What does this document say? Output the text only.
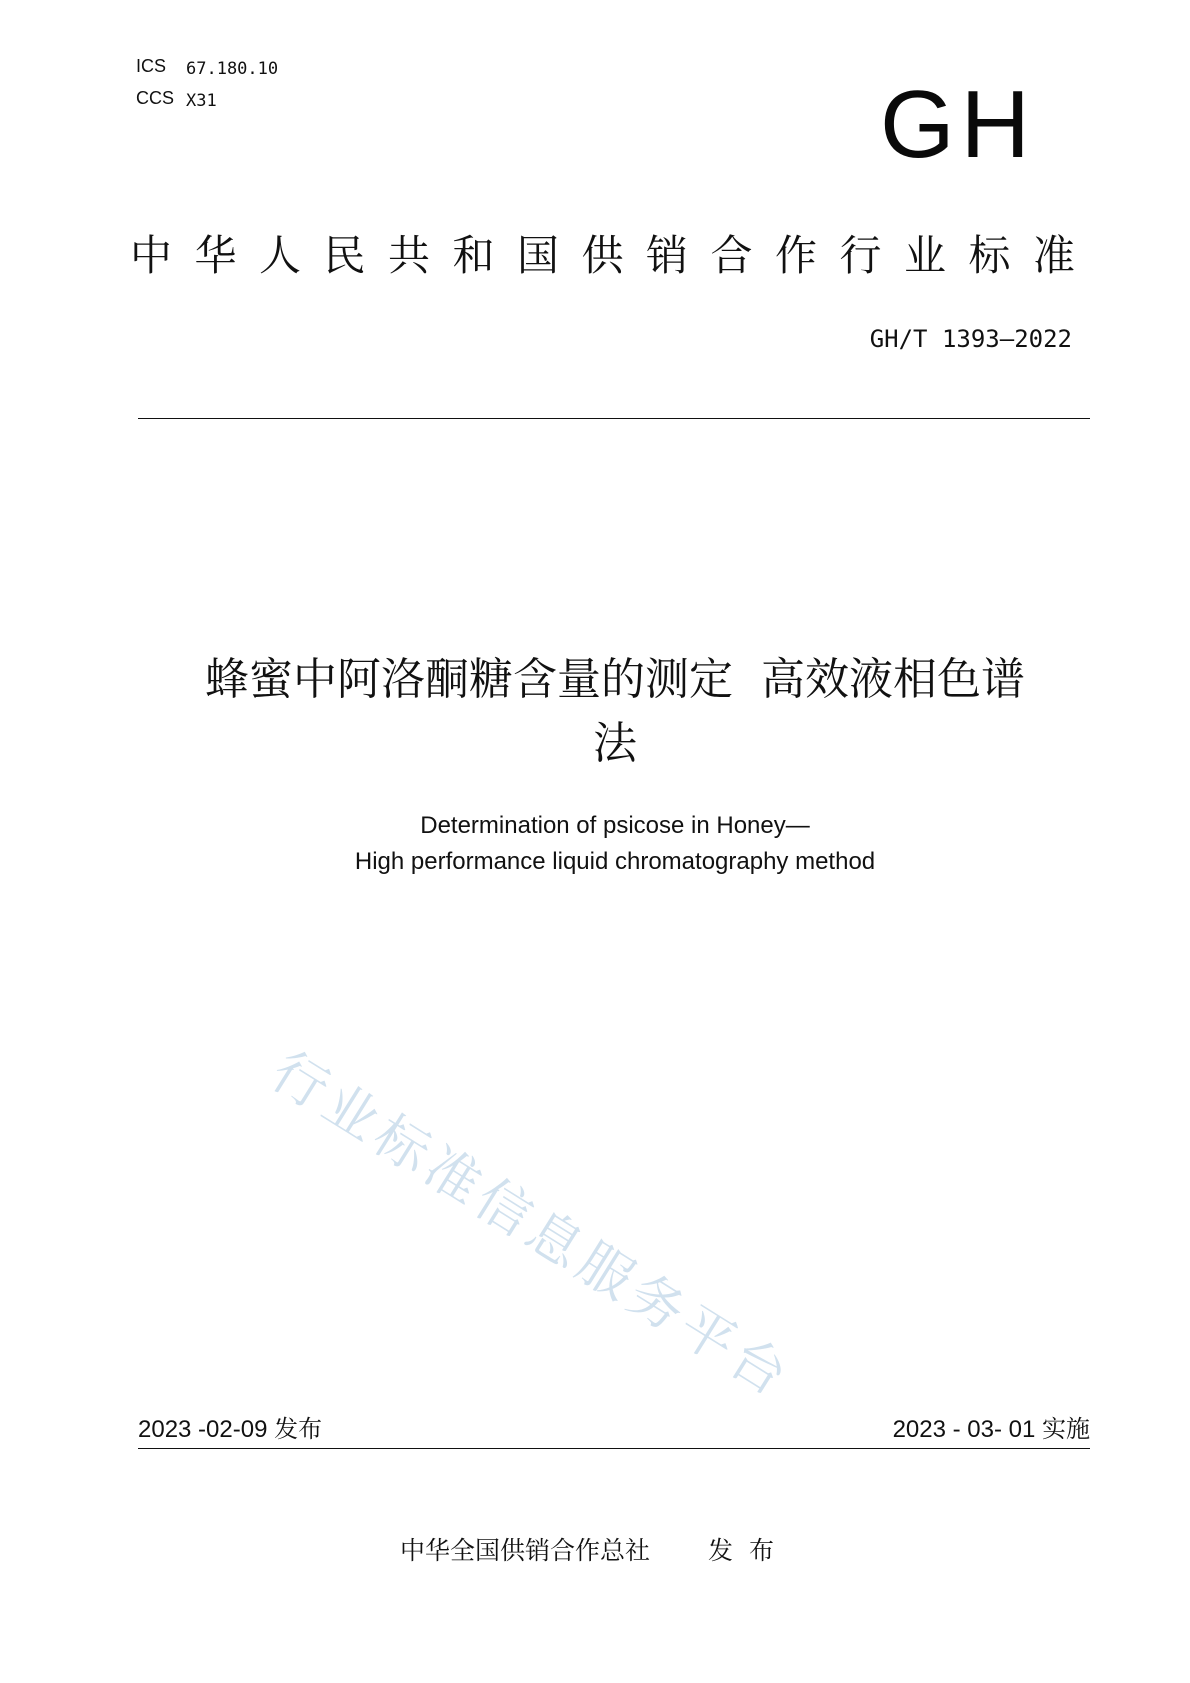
ICS 67.180.10
CCS X31	GH
中华人民共和国供销合作行业标准
GH/T 1393—2022
蜂蜜中阿洛酮糖含量的测定  高效液相色谱
法
Determination of psicose in Honey—
High performance liquid chromatography method
行业标准信息服务平台
2023 -02-09 发布	2023 - 03- 01 实施
中华全国供销合作总社 发布
